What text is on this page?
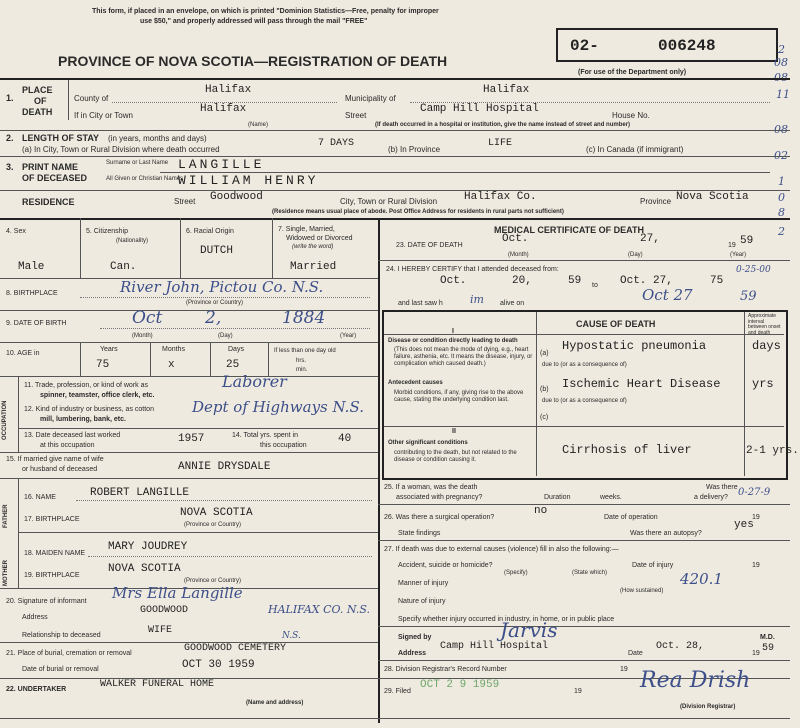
This form, if placed in an envelope, on which is printed "Dominion Statistics—Free, penalty for improper
use $50," and properly addressed will pass through the mail "FREE"
PROVINCE OF NOVA SCOTIA—REGISTRATION OF DEATH
02-	006248
(For use of the Department only)
2
08
08
11
08
02
1
0
8
2
1.
PLACE
OF
DEATH
County of
Halifax
Municipality of
Halifax
If in City or Town
Halifax
(Name)
Street
Camp Hill Hospital
House No.
(If death occurred in a hospital or institution, give the name instead of street and number)
2. LENGTH OF STAY (in years, months and days)
(a) In City, Town or Rural Division where death occurred
7 DAYS
(b) In Province
LIFE
(c) In Canada (if immigrant)
3. PRINT NAME
OF DECEASED
Surname or Last Name LANGILLE
All Given or Christian Names
WILLIAM HENRY
RESIDENCE	Street Goodwood	City, Town or Rural Division Halifax Co.	Province Nova Scotia
(Residence means usual place of abode. Post Office Address for residents in rural parts not sufficient)
4. Sex
Male
5. Citizenship
(Nationality)
Can.
6. Racial Origin
DUTCH
7. Single, Married,
Widowed or Divorced
(write the word)
Married
8. BIRTHPLACE	River John, Pictou Co. N.S.
(Province or Country)
9. DATE OF BIRTH	Oct	2,	1884
(Month)	(Day)	(Year)
10. AGE in
Years
75
Months
x
Days
25
If less than one day old
hrs.
min.
OCCUPATION
11. Trade, profession, or kind of work as
spinner, teamster, office clerk, etc.
Laborer
12. Kind of industry or business, as cotton
mill, lumbering, bank, etc.
Dept of Highways N.S.
13. Date deceased last worked
at this occupation
1957	14. Total yrs. spent in
this occupation
40
15. If married give name of wife
or husband of deceased	ANNIE DRYSDALE
FATHER
16. NAME	ROBERT LANGILLE
17. BIRTHPLACE
NOVA SCOTIA
(Province or Country)
MOTHER
18. MAIDEN NAME
MARY JOUDREY
19. BIRTHPLACE
NOVA SCOTIA
(Province or Country)
20. Signature of informant Mrs Ella Langille
Address
GOODWOOD	HALIFAX CO. N.S.
Relationship to deceased	WIFE
21. Place of burial, cremation or removal	GOODWOOD CEMETERY
N.S.
Date of burial or removal	OCT 30 1959
22. UNDERTAKER	WALKER FUNERAL HOME
(Name and address)
MEDICAL CERTIFICATE OF DEATH
23. DATE OF DEATH
Oct.	27,
19 59
(Month)	(Day)	(Year)
24. I HEREBY CERTIFY that I attended deceased from:
Oct.	20,	59 to Oct. 27,	75
0-25-00
and last saw h im alive on	Oct 27	59
CAUSE OF DEATH
Approximate interval between onset and death
I
Disease or condition directly leading to death
(This does not mean the mode of dying, e.g., heart failure, asthenia, etc. It means the disease, injury, or complication which caused death.)
(a)
Hypostatic pneumonia	days
due to (or as a consequence of)
Antecedent causes
Morbid conditions, if any, giving rise to the above cause, stating the underlying condition last.
(b) Ischemic Heart Disease	yrs
due to (or as a consequence of)
(c)
II
Other significant conditions
contributing to the death, but not related to the disease or condition causing it.
Cirrhosis of liver	2-1 yrs.
25. If a woman, was the death
associated with pregnancy?	Duration	weeks.
Was there
a delivery? 0-27-9
26. Was there a surgical operation?
no
Date of operation	19
State findings	Was there an autopsy?
yes
27. If death was due to external causes (violence) fill in also the following:—
Accident, suicide or homicide?
(Specify)	(State which)
Date of injury	19
Manner of injury
(How sustained)
420.1
Nature of injury
Specify whether injury occurred in industry, in home, or in public place
Signed by	Jarvis	M.D.
Address
Camp Hill Hospital
Date
Oct. 28,
19 59
28. Division Registrar's Record Number	19
29. Filed
OCT 2 9 1959
19	Rea Drish
(Division Registrar)
